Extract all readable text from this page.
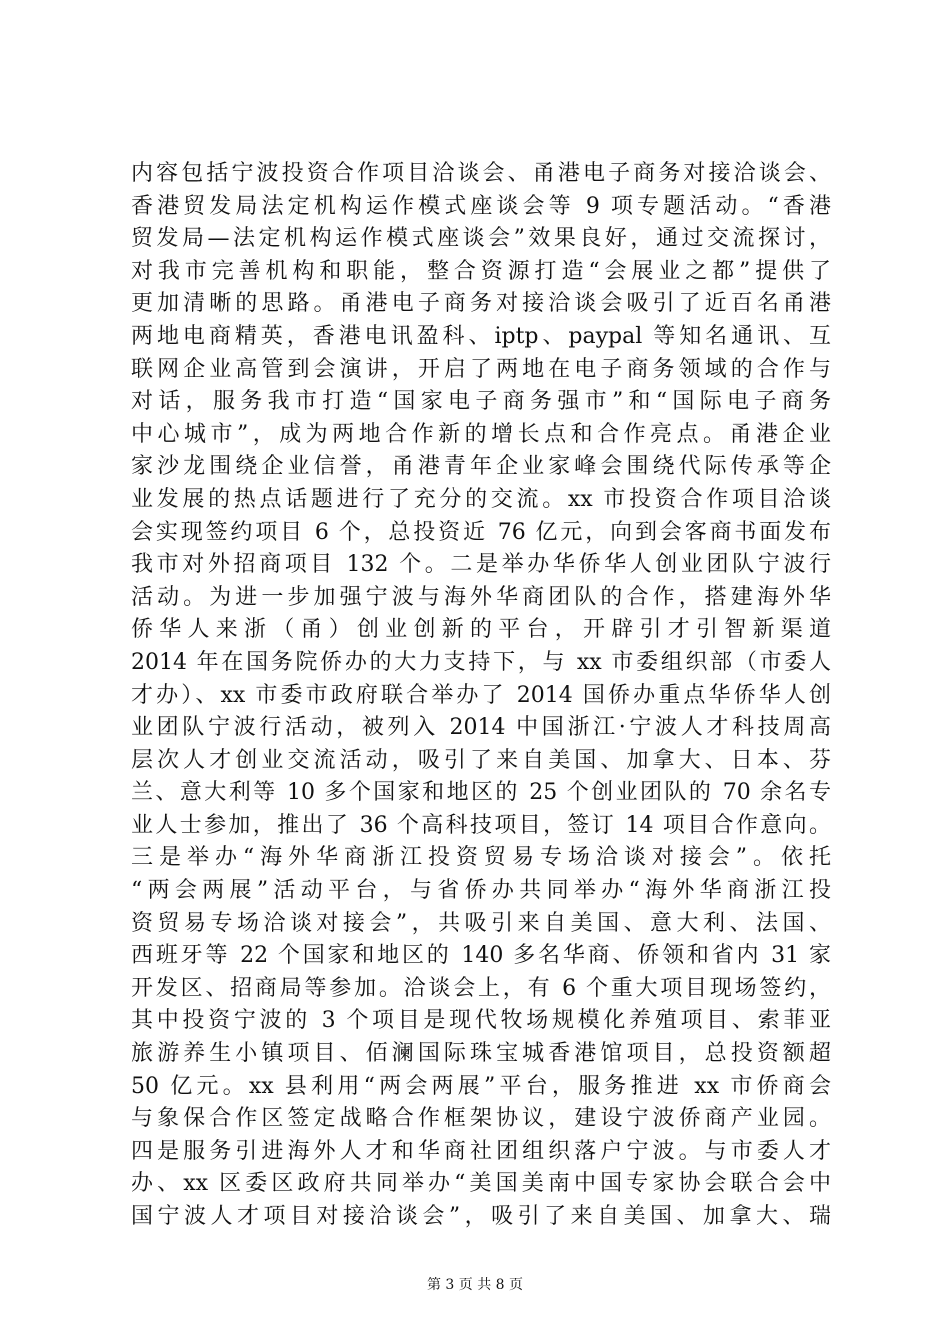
内容包括宁波投资合作项目洽谈会、甬港电子商务对接洽谈会、
香港贸发局法定机构运作模式座谈会等 9 项专题活动。“香港
贸发局—法定机构运作模式座谈会”效果良好，通过交流探讨，
对我市完善机构和职能，整合资源打造“会展业之都”提供了
更加清晰的思路。甬港电子商务对接洽谈会吸引了近百名甬港
两地电商精英，香港电讯盈科、iptp、paypal 等知名通讯、互
联网企业高管到会演讲，开启了两地在电子商务领域的合作与
对话，服务我市打造“国家电子商务强市”和“国际电子商务
中心城市”，成为两地合作新的增长点和合作亮点。甬港企业
家沙龙围绕企业信誉，甬港青年企业家峰会围绕代际传承等企
业发展的热点话题进行了充分的交流。xx 市投资合作项目洽谈
会实现签约项目 6 个，总投资近 76 亿元，向到会客商书面发布
我市对外招商项目 132 个。二是举办华侨华人创业团队宁波行
活动。为进一步加强宁波与海外华商团队的合作，搭建海外华
侨华人来浙（甬）创业创新的平台，开辟引才引智新渠道
2014 年在国务院侨办的大力支持下，与 xx 市委组织部（市委人
才办）、xx 市委市政府联合举办了 2014 国侨办重点华侨华人创
业团队宁波行活动，被列入 2014 中国浙江·宁波人才科技周高
层次人才创业交流活动，吸引了来自美国、加拿大、日本、芬
兰、意大利等 10 多个国家和地区的 25 个创业团队的 70 余名专
业人士参加，推出了 36 个高科技项目，签订 14 项目合作意向。
三是举办“海外华商浙江投资贸易专场洽谈对接会”。依托
“两会两展”活动平台，与省侨办共同举办“海外华商浙江投
资贸易专场洽谈对接会”，共吸引来自美国、意大利、法国、
西班牙等 22 个国家和地区的 140 多名华商、侨领和省内 31 家
开发区、招商局等参加。洽谈会上，有 6 个重大项目现场签约，
其中投资宁波的 3 个项目是现代牧场规模化养殖项目、索菲亚
旅游养生小镇项目、佰澜国际珠宝城香港馆项目，总投资额超
50 亿元。xx 县利用“两会两展”平台，服务推进 xx 市侨商会
与象保合作区签定战略合作框架协议，建设宁波侨商产业园。
四是服务引进海外人才和华商社团组织落户宁波。与市委人才
办、xx 区委区政府共同举办“美国美南中国专家协会联合会中
国宁波人才项目对接洽谈会”，吸引了来自美国、加拿大、瑞
第 3 页 共 8 页
